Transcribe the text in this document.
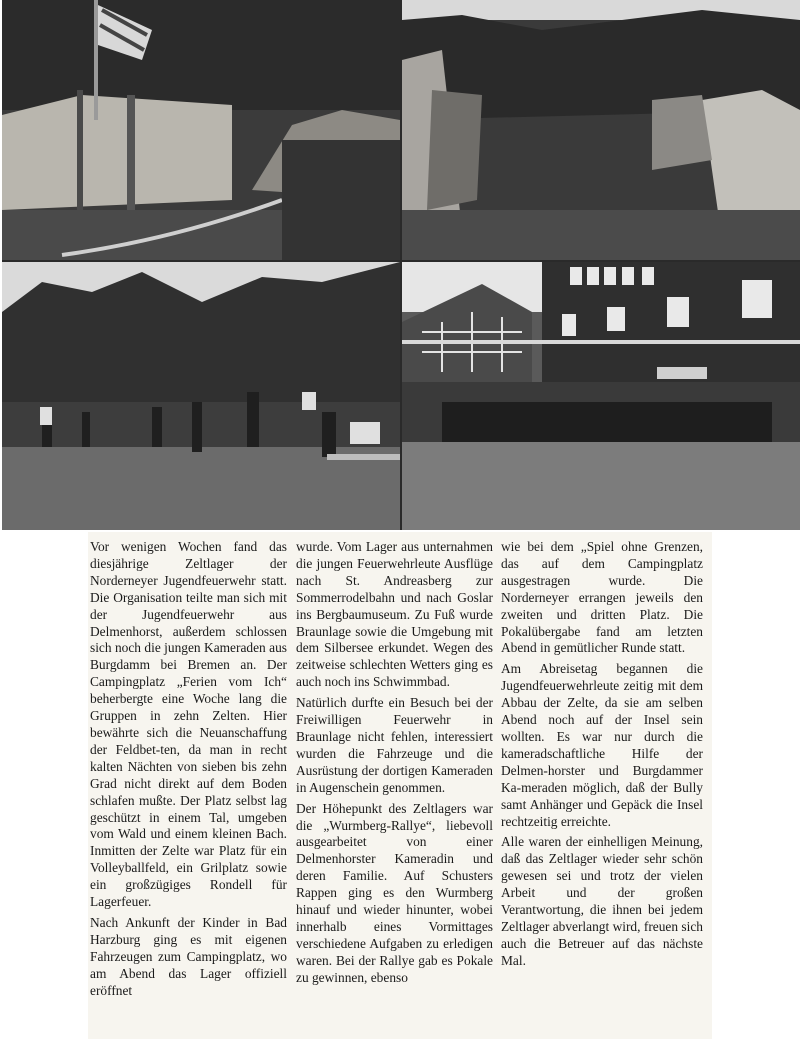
Vor wenigen Wochen fand das diesjährige Zeltlager der Norderneyer Jugendfeuerwehr statt. Die Organisation teilte man sich mit der Jugendfeuerwehr aus Delmenhorst, außerdem schlossen sich noch die jungen Kameraden aus Burgdamm bei Bremen an. Der Campingplatz „Ferien vom Ich“ beherbergte eine Woche lang die Gruppen in zehn Zelten. Hier bewährte sich die Neuanschaffung der Feldbet-ten, da man in recht kalten Nächten von sieben bis zehn Grad nicht direkt auf dem Boden schlafen mußte. Der Platz selbst lag geschützt in einem Tal, umgeben vom Wald und einem kleinen Bach. Inmitten der Zelte war Platz für ein Volleyballfeld, ein Grilplatz sowie ein großzügiges Rondell für Lagerfeuer.

Nach Ankunft der Kinder in Bad Harzburg ging es mit eigenen Fahrzeugen zum Campingplatz, wo am Abend das Lager offiziell eröffnet

wurde. Vom Lager aus unternahmen die jungen Feuerwehrleute Ausflüge nach St. Andreasberg zur Sommerrodelbahn und nach Goslar ins Bergbaumuseum. Zu Fuß wurde Braunlage sowie die Umgebung mit dem Silbersee erkundet. Wegen des zeitweise schlechten Wetters ging es auch noch ins Schwimmbad.

Natürlich durfte ein Besuch bei der Freiwilligen Feuerwehr in Braunlage nicht fehlen, interessiert wurden die Fahrzeuge und die Ausrüstung der dortigen Kameraden in Augenschein genommen.

Der Höhepunkt des Zeltlagers war die „Wurmberg-Rallye“, liebevoll ausgearbeitet von einer Delmenhorster Kameradin und deren Familie. Auf Schusters Rappen ging es den Wurmberg hinauf und wieder hinunter, wobei innerhalb eines Vormittages verschiedene Aufgaben zu erledigen waren. Bei der Rallye gab es Pokale zu gewinnen, ebenso

wie bei dem „Spiel ohne Grenzen, das auf dem Campingplatz ausgestragen wurde. Die Norderneyer errangen jeweils den zweiten und dritten Platz. Die Pokalübergabe fand am letzten Abend in gemütlicher Runde statt.

Am Abreisetag begannen die Jugendfeuerwehrleute zeitig mit dem Abbau der Zelte, da sie am selben Abend noch auf der Insel sein wollten. Es war nur durch die kameradschaftliche Hilfe der Delmen-horster und Burgdammer Ka-meraden möglich, daß der Bully samt Anhänger und Gepäck die Insel rechtzeitig erreichte.

Alle waren der einhelligen Meinung, daß das Zeltlager wieder sehr schön gewesen sei und trotz der vielen Arbeit und der großen Verantwortung, die ihnen bei jedem Zeltlager abverlangt wird, freuen sich auch die Betreuer auf das nächste Mal.
